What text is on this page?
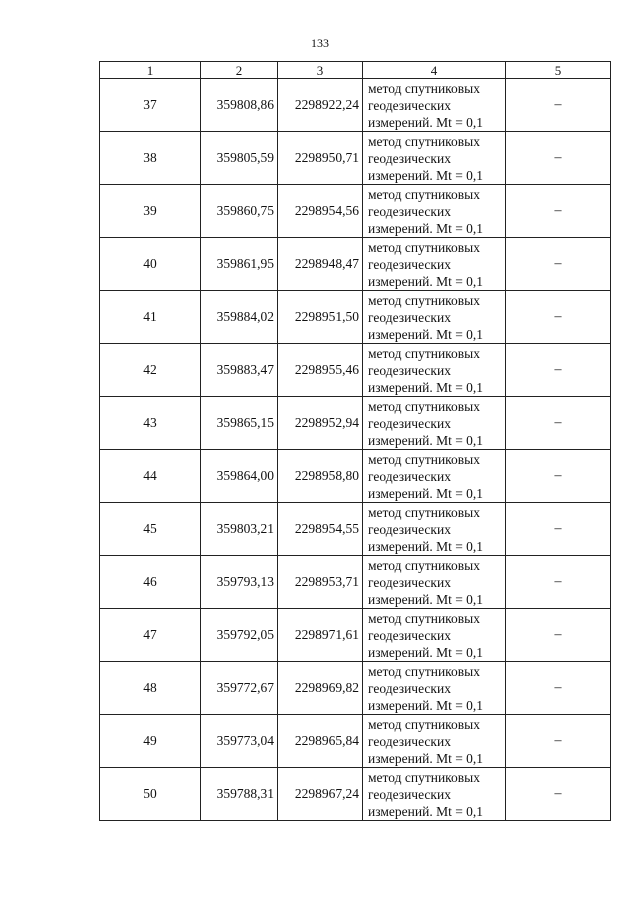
133
1	2	3	4	5
37	359808,86	2298922,24	метод спутниковых
геодезических
измерений. Mt = 0,1	–
38	359805,59	2298950,71	метод спутниковых
геодезических
измерений. Mt = 0,1	–
39	359860,75	2298954,56	метод спутниковых
геодезических
измерений. Mt = 0,1	–
40	359861,95	2298948,47	метод спутниковых
геодезических
измерений. Mt = 0,1	–
41	359884,02	2298951,50	метод спутниковых
геодезических
измерений. Mt = 0,1	–
42	359883,47	2298955,46	метод спутниковых
геодезических
измерений. Mt = 0,1	–
43	359865,15	2298952,94	метод спутниковых
геодезических
измерений. Mt = 0,1	–
44	359864,00	2298958,80	метод спутниковых
геодезических
измерений. Mt = 0,1	–
45	359803,21	2298954,55	метод спутниковых
геодезических
измерений. Mt = 0,1	–
46	359793,13	2298953,71	метод спутниковых
геодезических
измерений. Mt = 0,1	–
47	359792,05	2298971,61	метод спутниковых
геодезических
измерений. Mt = 0,1	–
48	359772,67	2298969,82	метод спутниковых
геодезических
измерений. Mt = 0,1	–
49	359773,04	2298965,84	метод спутниковых
геодезических
измерений. Mt = 0,1	–
50	359788,31	2298967,24	метод спутниковых
геодезических
измерений. Mt = 0,1	–
